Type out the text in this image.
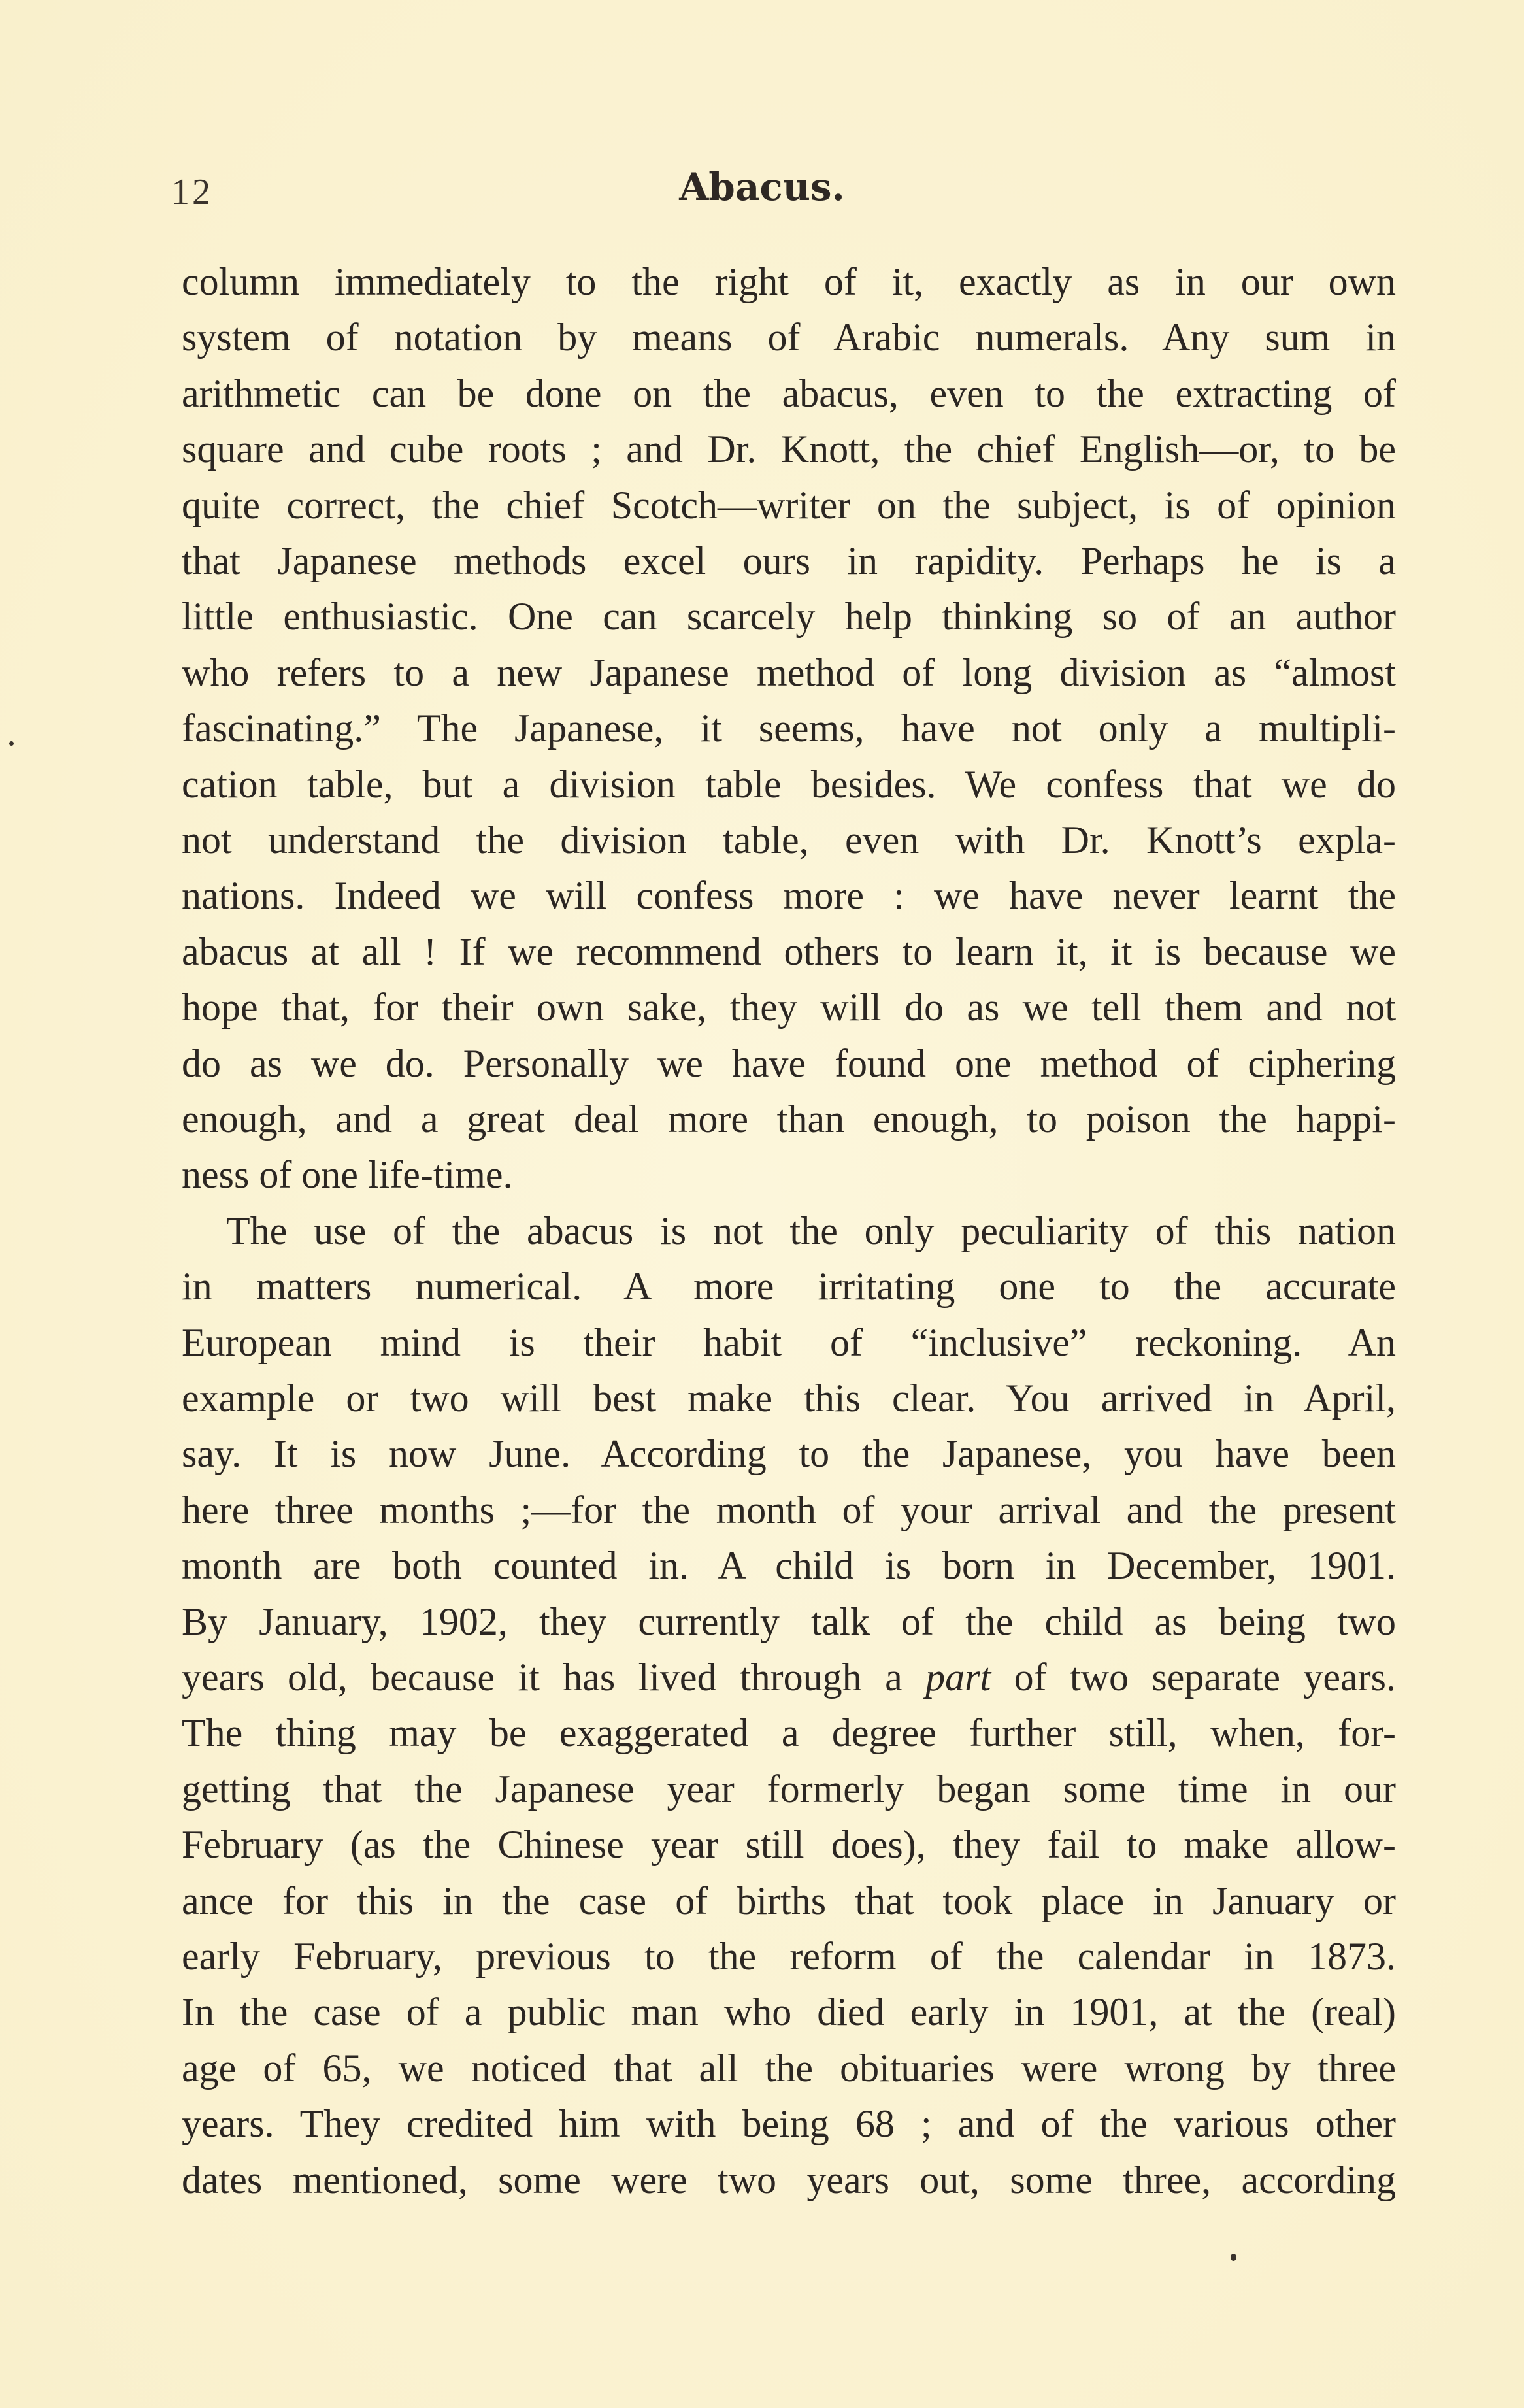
12	Abacus.
column immediately to the right of it, exactly as in our own
system of notation by means of Arabic numerals. Any sum in
arithmetic can be done on the abacus, even to the extracting of
square and cube roots ; and Dr. Knott, the chief English—or, to be
quite correct, the chief Scotch—writer on the subject, is of opinion
that Japanese methods excel ours in rapidity. Perhaps he is a
little enthusiastic. One can scarcely help thinking so of an author
who refers to a new Japanese method of long division as “almost
fascinating.” The Japanese, it seems, have not only a multipli-
cation table, but a division table besides. We confess that we do
not understand the division table, even with Dr. Knott’s expla-
nations. Indeed we will confess more : we have never learnt the
abacus at all ! If we recommend others to learn it, it is because we
hope that, for their own sake, they will do as we tell them and not
do as we do. Personally we have found one method of ciphering
enough, and a great deal more than enough, to poison the happi-
ness of one life-time.
The use of the abacus is not the only peculiarity of this nation
in matters numerical. A more irritating one to the accurate
European mind is their habit of “inclusive” reckoning. An
example or two will best make this clear. You arrived in April,
say. It is now June. According to the Japanese, you have been
here three months ;—for the month of your arrival and the present
month are both counted in. A child is born in December, 1901.
By January, 1902, they currently talk of the child as being two
years old, because it has lived through a part of two separate years.
The thing may be exaggerated a degree further still, when, for-
getting that the Japanese year formerly began some time in our
February (as the Chinese year still does), they fail to make allow-
ance for this in the case of births that took place in January or
early February, previous to the reform of the calendar in 1873.
In the case of a public man who died early in 1901, at the (real)
age of 65, we noticed that all the obituaries were wrong by three
years. They credited him with being 68 ; and of the various other
dates mentioned, some were two years out, some three, according
